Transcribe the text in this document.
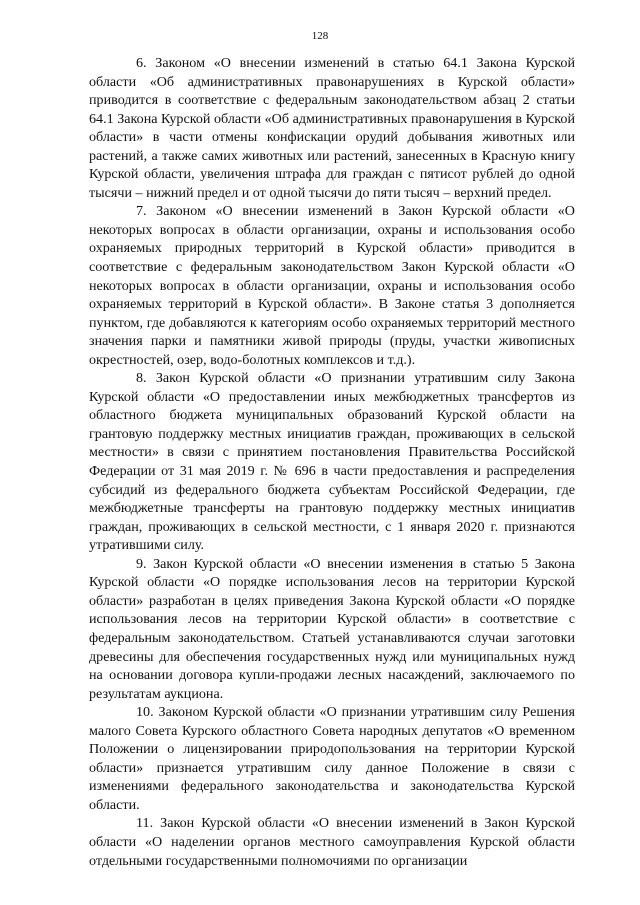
128

6. Законом «О внесении изменений в статью 64.1 Закона Курской области «Об административных правонарушениях в Курской области» приводится в соответствие с федеральным законодательством абзац 2 статьи 64.1 Закона Курской области «Об административных правонарушения в Курской области» в части отмены конфискации орудий добывания животных или растений, а также самих животных или растений, занесенных в Красную книгу Курской области, увеличения штрафа для граждан с пятисот рублей до одной тысячи – нижний предел и от одной тысячи до пяти тысяч – верхний предел.

7. Законом «О внесении изменений в Закон Курской области «О некоторых вопросах в области организации, охраны и использования особо охраняемых природных территорий в Курской области» приводится в соответствие с федеральным законодательством Закон Курской области «О некоторых вопросах в области организации, охраны и использования особо охраняемых территорий в Курской области». В Законе статья 3 дополняется пунктом, где добавляются к категориям особо охраняемых территорий местного значения парки и памятники живой природы (пруды, участки живописных окрестностей, озер, водо-болотных комплексов и т.д.).

8. Закон Курской области «О признании утратившим силу Закона Курской области «О предоставлении иных межбюджетных трансфертов из областного бюджета муниципальных образований Курской области на грантовую поддержку местных инициатив граждан, проживающих в сельской местности» в связи с принятием постановления Правительства Российской Федерации от 31 мая 2019 г. № 696 в части предоставления и распределения субсидий из федерального бюджета субъектам Российской Федерации, где межбюджетные трансферты на грантовую поддержку местных инициатив граждан, проживающих в сельской местности, с 1 января 2020 г. признаются утратившими силу.

9. Закон Курской области «О внесении изменения в статью 5 Закона Курской области «О порядке использования лесов на территории Курской области» разработан в целях приведения Закона Курской области «О порядке использования лесов на территории Курской области» в соответствие с федеральным законодательством. Статьей устанавливаются случаи заготовки древесины для обеспечения государственных нужд или муниципальных нужд на основании договора купли-продажи лесных насаждений, заключаемого по результатам аукциона.

10. Законом Курской области «О признании утратившим силу Решения малого Совета Курского областного Совета народных депутатов «О временном Положении о лицензировании природопользования на территории Курской области» признается утратившим силу данное Положение в связи с изменениями федерального законодательства и законодательства Курской области.

11. Закон Курской области «О внесении изменений в Закон Курской области «О наделении органов местного самоуправления Курской области отдельными государственными полномочиями по организации
